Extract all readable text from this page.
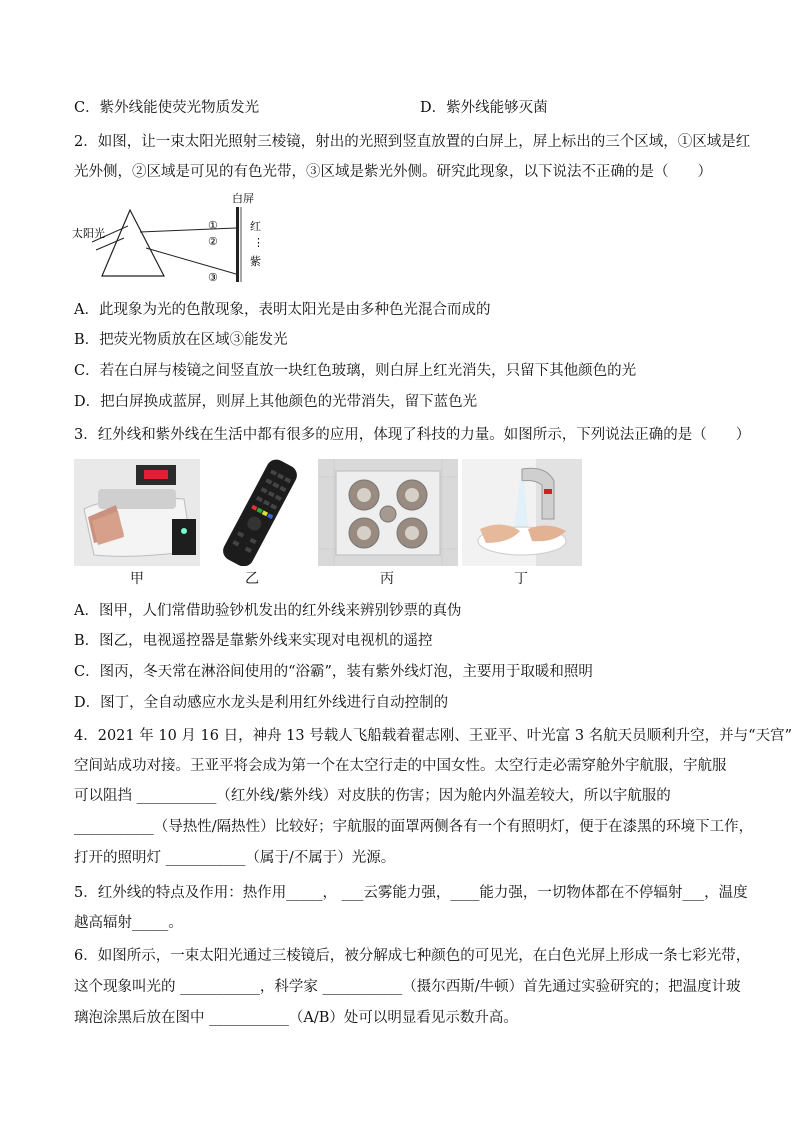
C．紫外线能使荧光物质发光	D．紫外线能够灭菌
2．如图，让一束太阳光照射三棱镜，射出的光照到竖直放置的白屏上，屏上标出的三个区域，①区域是红
光外侧，②区域是可见的有色光带，③区域是紫光外侧。研究此现象，以下说法不正确的是（　　）
太阳光
白屏
①
②
③
红
⋮
紫
A．此现象为光的色散现象，表明太阳光是由多种色光混合而成的
B．把荧光物质放在区域③能发光
C．若在白屏与棱镜之间竖直放一块红色玻璃，则白屏上红光消失，只留下其他颜色的光
D．把白屏换成蓝屏，则屏上其他颜色的光带消失，留下蓝色光
3．红外线和紫外线在生活中都有很多的应用，体现了科技的力量。如图所示，下列说法正确的是（　　）
甲	乙	丙	丁
A．图甲，人们常借助验钞机发出的红外线来辨别钞票的真伪
B．图乙，电视遥控器是靠紫外线来实现对电视机的遥控
C．图丙，冬天常在淋浴间使用的“浴霸”，装有紫外线灯泡，主要用于取暖和照明
D．图丁，全自动感应水龙头是利用红外线进行自动控制的
4．2021 年 10 月 16 日，神舟 13 号载人飞船载着翟志刚、王亚平、叶光富 3 名航天员顺利升空，并与“天宫”
空间站成功对接。王亚平将会成为第一个在太空行走的中国女性。太空行走必需穿舱外宇航服，宇航服
可以阻挡 ___________（红外线/紫外线）对皮肤的伤害；因为舱内外温差较大，所以宇航服的
___________（导热性/隔热性）比较好；宇航服的面罩两侧各有一个有照明灯，便于在漆黑的环境下工作，
打开的照明灯 ___________（属于/不属于）光源。
5．红外线的特点及作用：热作用_____， ___云雾能力强，____能力强，一切物体都在不停辐射___，温度
越高辐射_____。
6．如图所示，一束太阳光通过三棱镜后，被分解成七种颜色的可见光，在白色光屏上形成一条七彩光带，
这个现象叫光的 ___________，科学家 ___________（摄尔西斯/牛顿）首先通过实验研究的；把温度计玻
璃泡涂黑后放在图中 ___________（A/B）处可以明显看见示数升高。
